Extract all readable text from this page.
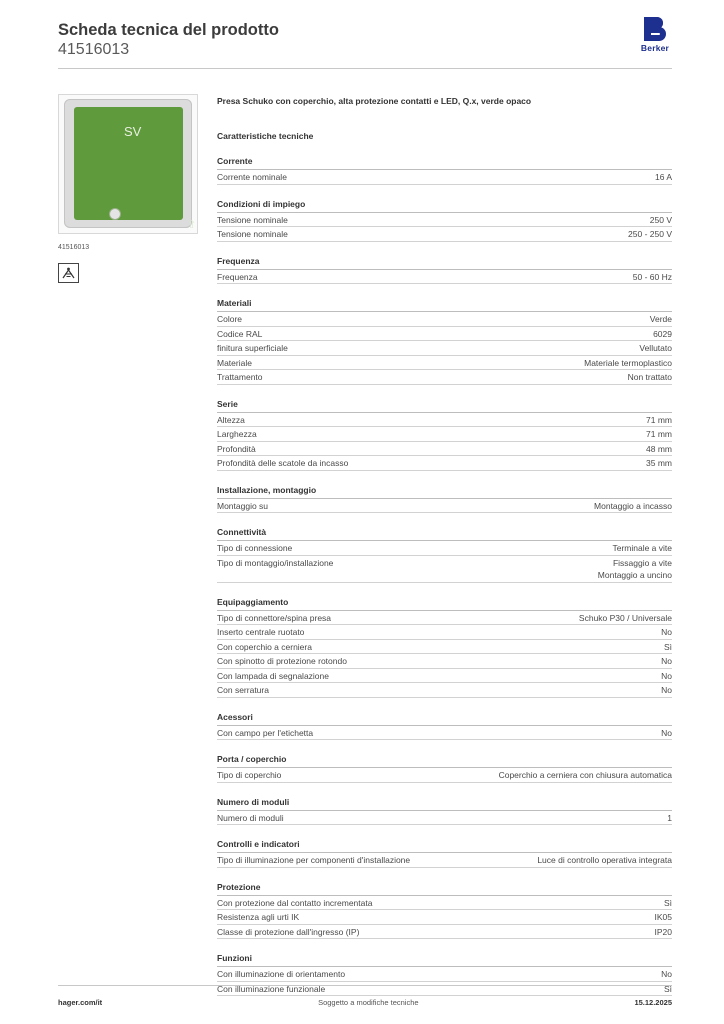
Scheda tecnica del prodotto
41516013	Berker
SV
⇧
41516013
Presa Schuko con coperchio, alta protezione contatti e LED, Q.x, verde opaco
Caratteristiche tecniche
Corrente
Corrente nominale	16 A
Condizioni di impiego
Tensione nominale	250 V
Tensione nominale	250 - 250 V
Frequenza
Frequenza	50 - 60 Hz
Materiali
Colore	Verde
Codice RAL	6029
finitura superficiale	Vellutato
Materiale	Materiale termoplastico
Trattamento	Non trattato
Serie
Altezza	71 mm
Larghezza	71 mm
Profondità	48 mm
Profondità delle scatole da incasso	35 mm
Installazione, montaggio
Montaggio su	Montaggio a incasso
Connettività
Tipo di connessione	Terminale a vite
Tipo di montaggio/installazione	Fissaggio a vite
Montaggio a uncino
Equipaggiamento
Tipo di connettore/spina presa	Schuko P30 / Universale
Inserto centrale ruotato	No
Con coperchio a cerniera	Sì
Con spinotto di protezione rotondo	No
Con lampada di segnalazione	No
Con serratura	No
Acessori
Con campo per l'etichetta	No
Porta / coperchio
Tipo di coperchio	Coperchio a cerniera con chiusura automatica
Numero di moduli
Numero di moduli	1
Controlli e indicatori
Tipo di illuminazione per componenti d'installazione	Luce di controllo operativa integrata
Protezione
Con protezione dal contatto incrementata	Sì
Resistenza agli urti IK	IK05
Classe di protezione dall'ingresso (IP)	IP20
Funzioni
Con illuminazione di orientamento	No
Con illuminazione funzionale	Sì
hager.com/it	Soggetto a modifiche tecniche	15.12.2025
